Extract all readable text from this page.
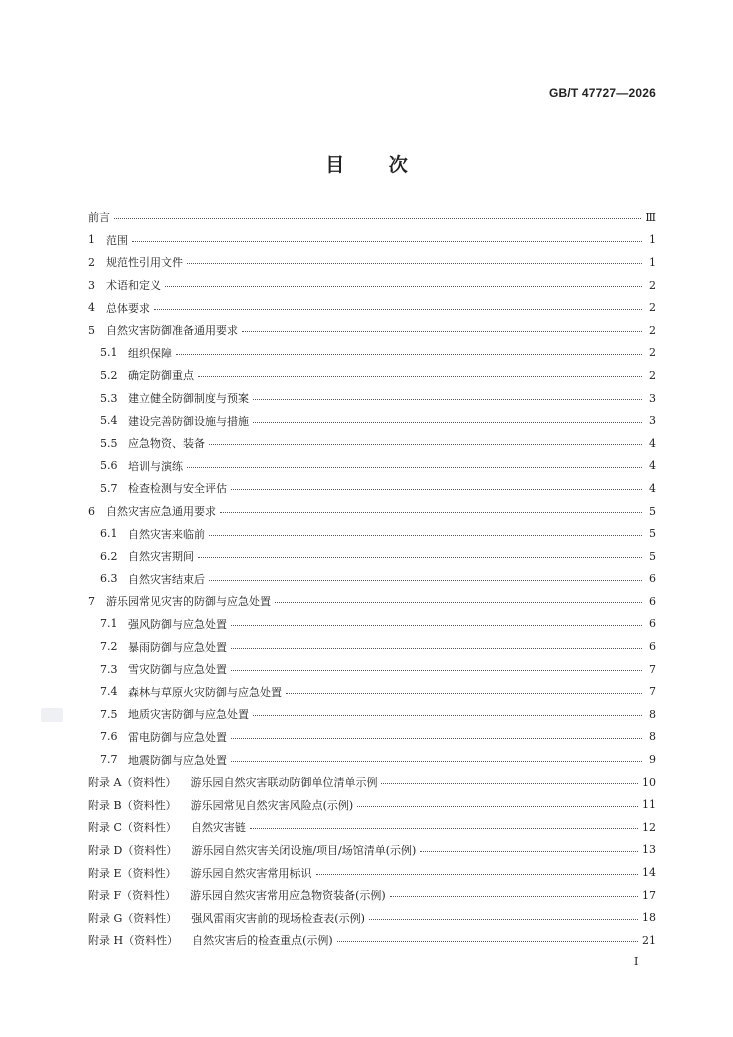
GB/T 47727—2026
目 次
前言	Ⅲ
1	范围	1
2	规范性引用文件	1
3	术语和定义	2
4	总体要求	2
5	自然灾害防御准备通用要求	2
5.1 组织保障	2
5.2 确定防御重点	2
5.3 建立健全防御制度与预案	3
5.4 建设完善防御设施与措施	3
5.5 应急物资、装备	4
5.6 培训与演练	4
5.7 检查检测与安全评估	4
6	自然灾害应急通用要求	5
6.1 自然灾害来临前	5
6.2 自然灾害期间	5
6.3 自然灾害结束后	6
7	游乐园常见灾害的防御与应急处置	6
7.1 强风防御与应急处置	6
7.2 暴雨防御与应急处置	6
7.3 雪灾防御与应急处置	7
7.4 森林与草原火灾防御与应急处置	7
7.5 地质灾害防御与应急处置	8
7.6 雷电防御与应急处置	8
7.7 地震防御与应急处置	9
附录 A（资料性） 游乐园自然灾害联动防御单位清单示例	10
附录 B（资料性） 游乐园常见自然灾害风险点(示例)	11
附录 C（资料性） 自然灾害链	12
附录 D（资料性） 游乐园自然灾害关闭设施/项目/场馆清单(示例)	13
附录 E（资料性） 游乐园自然灾害常用标识	14
附录 F（资料性） 游乐园自然灾害常用应急物资装备(示例)	17
附录 G（资料性） 强风雷雨灾害前的现场检查表(示例)	18
附录 H（资料性） 自然灾害后的检查重点(示例)	21
Ⅰ
